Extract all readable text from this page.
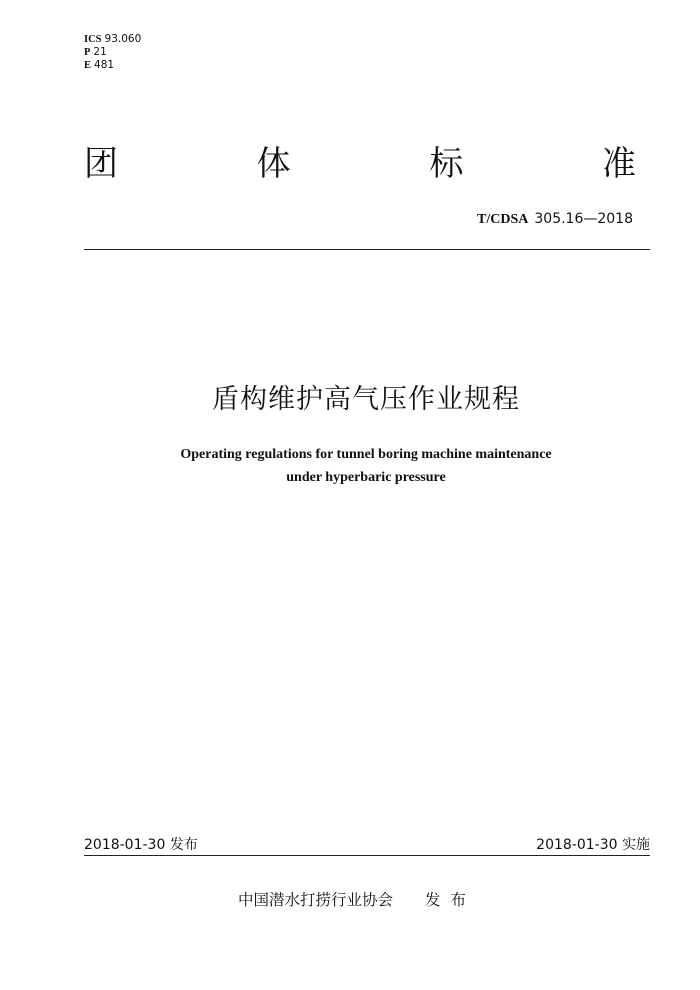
ICS 93.060
P 21
E 481
团	体	标	准
T/CDSA 305.16—2018
盾构维护高气压作业规程
Operating regulations for tunnel boring machine maintenance
under hyperbaric pressure
2018-01-30 发布	2018-01-30 实施
中国潜水打捞行业协会 发布
